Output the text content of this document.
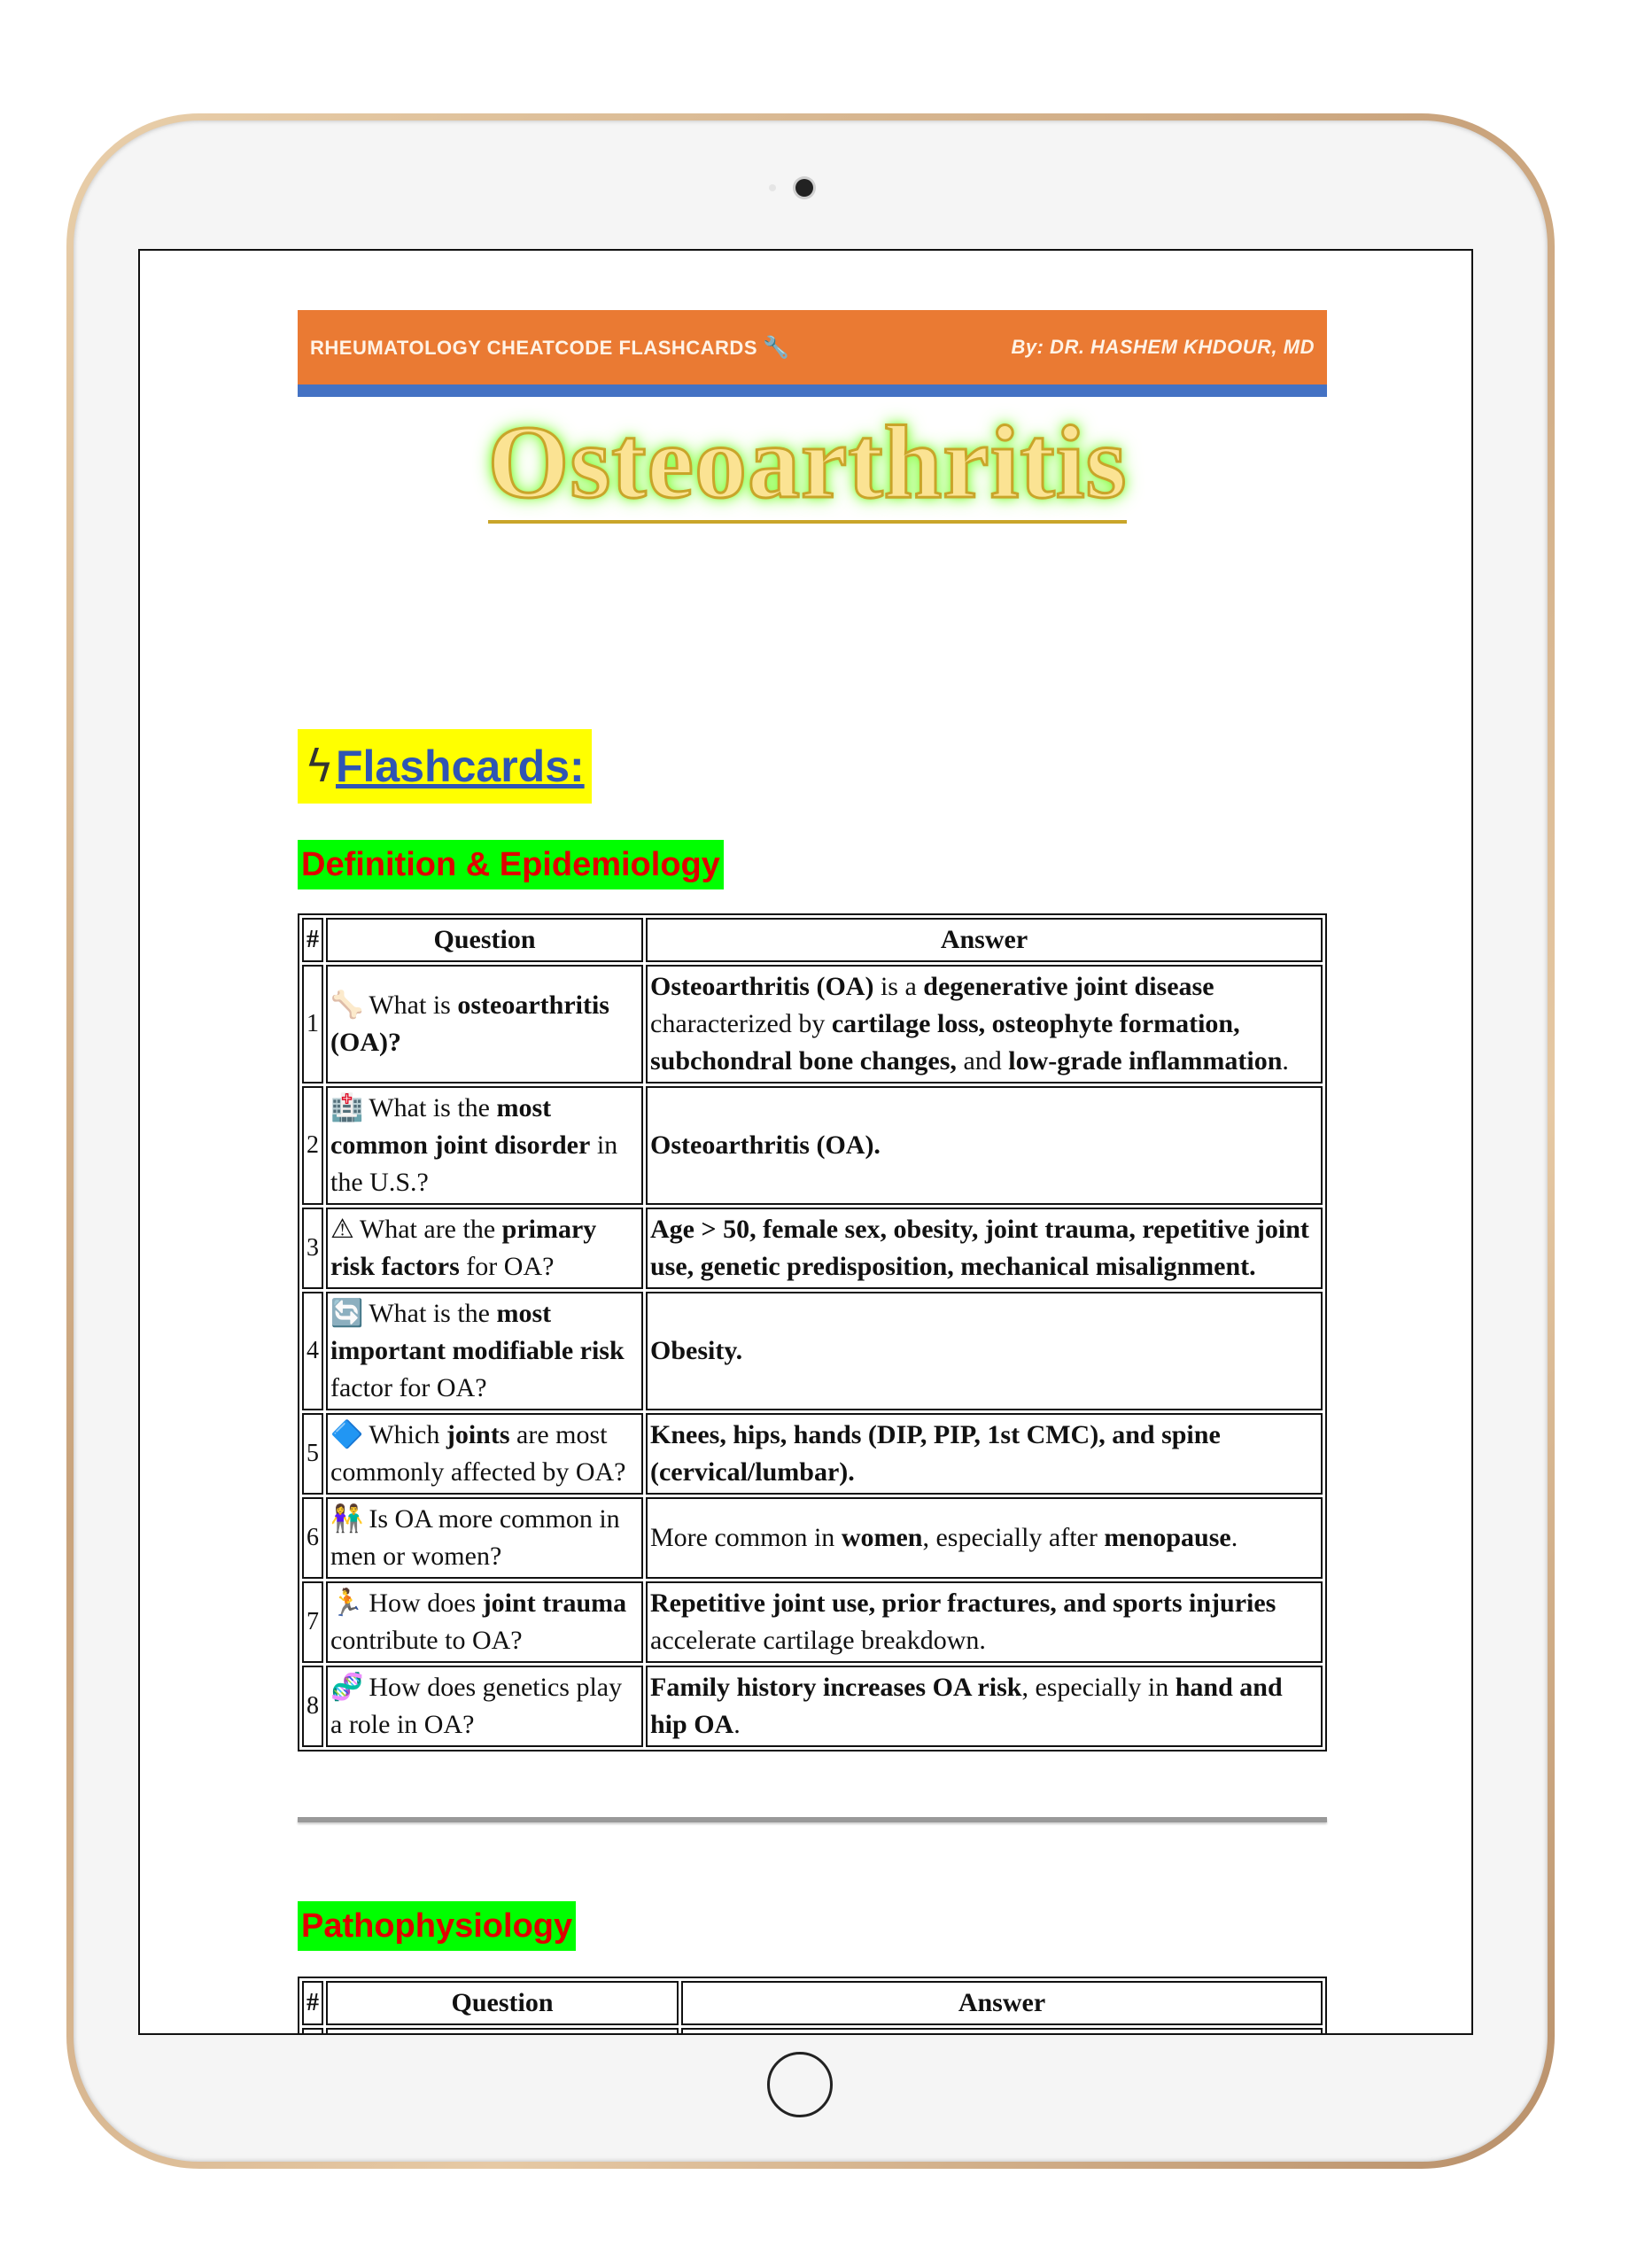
RHEUMATOLOGY CHEATCODE FLASHCARDS 🔧	By: DR. HASHEM KHDOUR, MD
Osteoarthritis
ϟ Flashcards:
Definition & Epidemiology
#	Question	Answer
1	🦴 What is osteoarthritis (OA)?	Osteoarthritis (OA) is a degenerative joint disease characterized by cartilage loss, osteophyte formation, subchondral bone changes, and low-grade inflammation.
2	🏥 What is the most common joint disorder in the U.S.?	Osteoarthritis (OA).
3	⚠ What are the primary risk factors for OA?	Age > 50, female sex, obesity, joint trauma, repetitive joint use, genetic predisposition, mechanical misalignment.
4	🔄 What is the most important modifiable risk factor for OA?	Obesity.
5	🔷 Which joints are most commonly affected by OA?	Knees, hips, hands (DIP, PIP, 1st CMC), and spine (cervical/lumbar).
6	👫 Is OA more common in men or women?	More common in women, especially after menopause.
7	🏃 How does joint trauma contribute to OA?	Repetitive joint use, prior fractures, and sports injuries accelerate cartilage breakdown.
8	🧬 How does genetics play a role in OA?	Family history increases OA risk, especially in hand and hip OA.
Pathophysiology
#	Question	Answer
